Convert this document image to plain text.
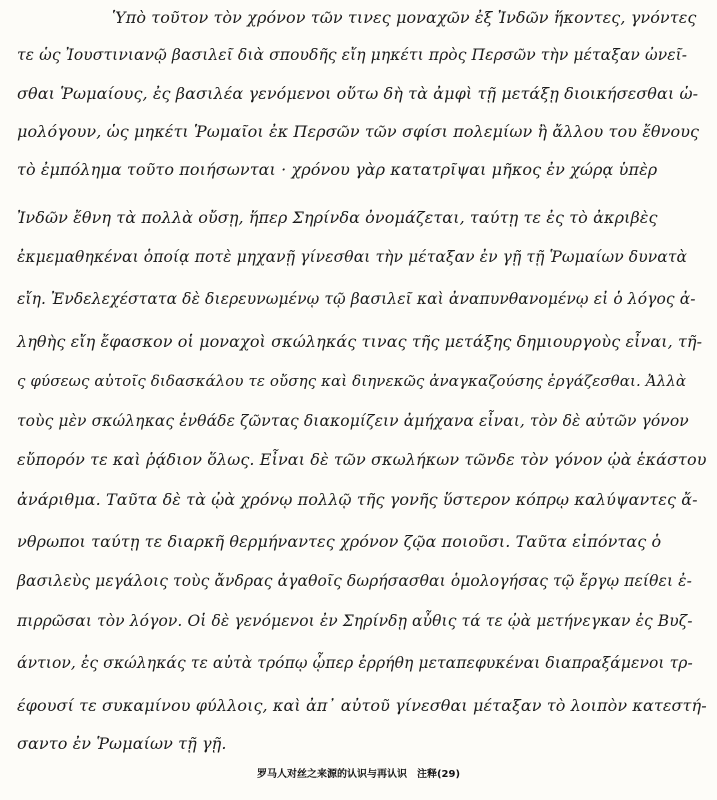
Ὑπὸ τοῦτον τὸν χρόνον τῶν τινες μοναχῶν ἐξ Ἰνδῶν ἥκοντες, γνόντες
τε ὡς Ἰουστινιανῷ βασιλεῖ διὰ σπουδῆς εἴη μηκέτι πρὸς Περσῶν τὴν μέταξαν ὠνεῖ-
σθαι Ῥωμαίους, ἐς βασιλέα γενόμενοι οὕτω δὴ τὰ ἀμφὶ τῇ μετάξῃ διοικήσεσθαι ὡ-
μολόγουν, ὡς μηκέτι Ῥωμαῖοι ἐκ Περσῶν τῶν σφίσι πολεμίων ἢ ἄλλου του ἔθνους
τὸ ἐμπόλημα τοῦτο ποιήσωνται · χρόνου γὰρ κατατρῖψαι μῆκος ἐν χώρᾳ ὑπὲρ
Ἰνδῶν ἔθνη τὰ πολλὰ οὔσῃ, ἥπερ Σηρίνδα ὀνομάζεται, ταύτῃ τε ἐς τὸ ἀκριβὲς
ἐκμεμαθηκέναι ὁποίᾳ ποτὲ μηχανῇ γίνεσθαι τὴν μέταξαν ἐν γῇ τῇ Ῥωμαίων δυνατὰ
εἴη. Ἐνδελεχέστατα δὲ διερευνωμένῳ τῷ βασιλεῖ καὶ ἀναπυνθανομένῳ εἰ ὁ λόγος ἀ-
ληθὴς εἴη ἔφασκον οἱ μοναχοὶ σκώληκάς τινας τῆς μετάξης δημιουργοὺς εἶναι, τῆ-
ς φύσεως αὐτοῖς διδασκάλου τε οὔσης καὶ διηνεκῶς ἀναγκαζούσης ἐργάζεσθαι. Ἀλλὰ
τοὺς μὲν σκώληκας ἐνθάδε ζῶντας διακομίζειν ἀμήχανα εἶναι, τὸν δὲ αὐτῶν γόνον
εὔπορόν τε καὶ ῥᾴδιον ὅλως. Εἶναι δὲ τῶν σκωλήκων τῶνδε τὸν γόνον ᾠὰ ἑκάστου
ἀνάριθμα. Ταῦτα δὲ τὰ ᾠὰ χρόνῳ πολλῷ τῆς γονῆς ὕστερον κόπρῳ καλύψαντες ἄ-
νθρωποι ταύτῃ τε διαρκῆ θερμήναντες χρόνον ζῷα ποιοῦσι. Ταῦτα εἰπόντας ὁ
βασιλεὺς μεγάλοις τοὺς ἄνδρας ἀγαθοῖς δωρήσασθαι ὁμολογήσας τῷ ἔργῳ πείθει ἐ-
πιρρῶσαι τὸν λόγον. Οἱ δὲ γενόμενοι ἐν Σηρίνδῃ αὖθις τά τε ᾠὰ μετήνεγκαν ἐς Βυζ-
άντιον, ἐς σκώληκάς τε αὐτὰ τρόπῳ ᾧπερ ἐρρήθη μεταπεφυκέναι διαπραξάμενοι τρ-
έφουσί τε συκαμίνου φύλλοις, καὶ ἀπ᾽ αὐτοῦ γίνεσθαι μέταξαν τὸ λοιπὸν κατεστή-
σαντο ἐν Ῥωμαίων τῇ γῇ.
罗马人对丝之来源的认识与再认识　注释(29)
